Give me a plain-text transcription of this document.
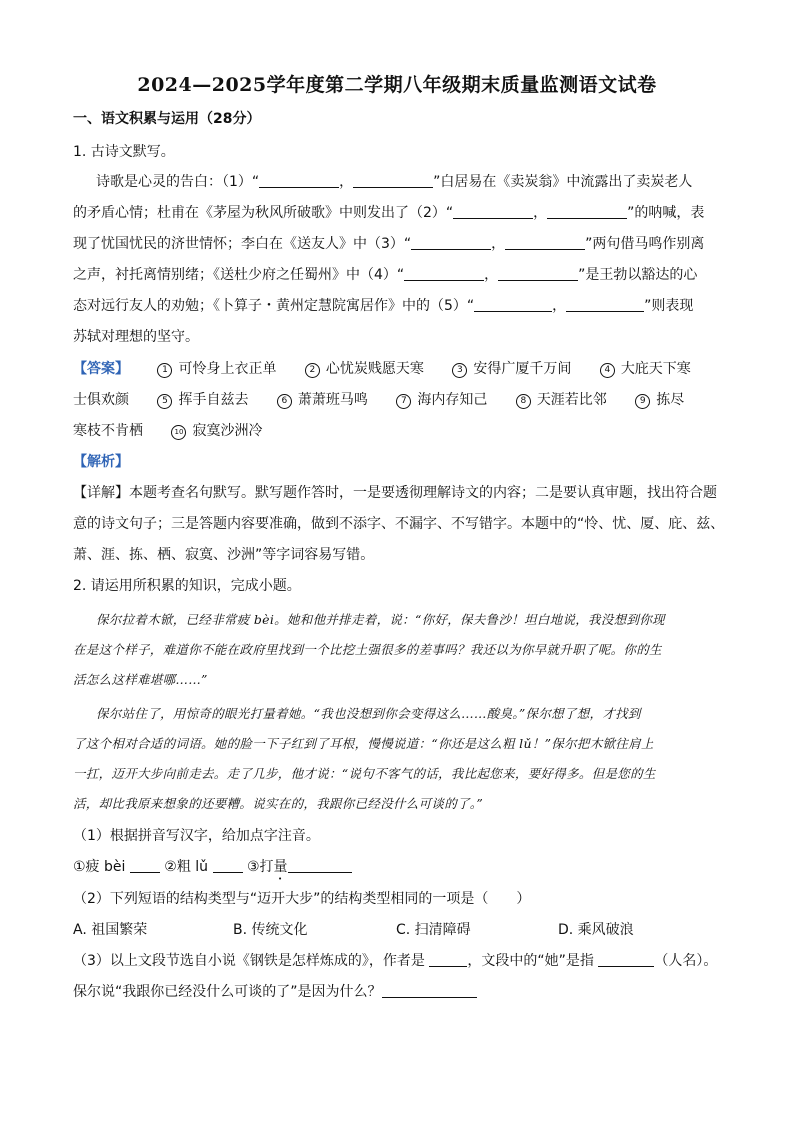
2024—2025学年度第二学期八年级期末质量监测语文试卷
一、语文积累与运用（28分）
1. 古诗文默写。
诗歌是心灵的告白：（1）“	，	”白居易在《卖炭翁》中流露出了卖炭老人
的矛盾心情；杜甫在《茅屋为秋风所破歌》中则发出了（2）“	，	”的呐喊，表
现了忧国忧民的济世情怀；李白在《送友人》中（3）“	，	”两句借马鸣作别离
之声，衬托离情别绪；《送杜少府之任蜀州》中（4）“	，	”是王勃以豁达的心
态对远行友人的劝勉；《卜算子・黄州定慧院寓居作》中的（5）“	，	”则表现
苏轼对理想的坚守。
【答案】	1 可怜身上衣正单	2 心忧炭贱愿天寒	3 安得广厦千万间	4 大庇天下寒
士俱欢颜	5 挥手自兹去	6 萧萧班马鸣	7 海内存知己	8 天涯若比邻	9 拣尽
寒枝不肯栖	10 寂寞沙洲冷
【解析】
【详解】本题考查名句默写。默写题作答时，一是要透彻理解诗文的内容；二是要认真审题，找出符合题
意的诗文句子；三是答题内容要准确，做到不添字、不漏字、不写错字。本题中的“怜、忧、厦、庇、兹、
萧、涯、拣、栖、寂寞、沙洲”等字词容易写错。
2. 请运用所积累的知识，完成小题。
保尔拉着木锨，已经非常疲 bèi。她和他并排走着，说：“你好，保夫鲁沙！坦白地说，我没想到你现
在是这个样子，难道你不能在政府里找到一个比挖土强很多的差事吗？我还以为你早就升职了呢。你的生
活怎么这样难堪哪……”
保尔站住了，用惊奇的眼光打量着她。“我也没想到你会变得这么……酸臭。”保尔想了想，才找到
了这个相对合适的词语。她的脸一下子红到了耳根，慢慢说道：“你还是这么粗 lǔ！”保尔把木锨往肩上
一扛，迈开大步向前走去。走了几步，他才说：“说句不客气的话，我比起您来，要好得多。但是您的生
活，却比我原来想象的还要糟。说实在的，我跟你已经没什么可谈的了。”
（1）根据拼音写汉字，给加点字注音。
①疲 bèi  ②粗 lǔ  ③打量
（2）下列短语的结构类型与“迈开大步”的结构类型相同的一项是（　　）
A. 祖国繁荣	B. 传统文化	C. 扫清障碍	D. 乘风破浪
（3）以上文段节选自小说《钢铁是怎样炼成的》，作者是	，文段中的“她”是指	（人名）。
保尔说“我跟你已经没什么可谈的了”是因为什么？
